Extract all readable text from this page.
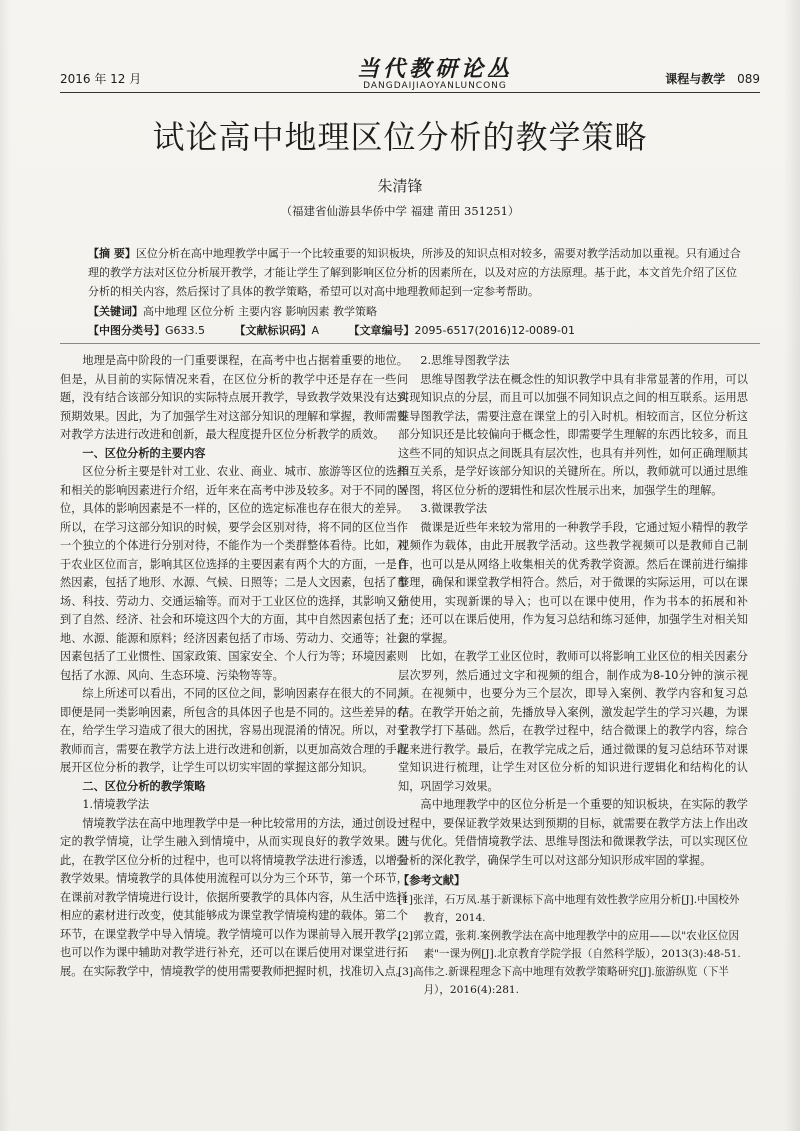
2016 年 12 月	当代教研论丛
DANGDAIJIAOYANLUNCONG	课程与教学 089
试论高中地理区位分析的教学策略
朱清锋
（福建省仙游县华侨中学 福建 莆田 351251）
【摘 要】区位分析在高中地理教学中属于一个比较重要的知识板块，所涉及的知识点相对较多，需要对教学活动加以重视。只有通过合理的教学方法对区位分析展开教学，才能让学生了解到影响区位分析的因素所在，以及对应的方法原理。基于此，本文首先介绍了区位分析的相关内容，然后探讨了具体的教学策略，希望可以对高中地理教师起到一定参考帮助。
【关键词】高中地理 区位分析 主要内容 影响因素 教学策略
【中图分类号】G633.5	【文献标识码】A	【文章编号】2095-6517(2016)12-0089-01

地理是高中阶段的一门重要课程，在高考中也占据着重要的地位。但是，从目前的实际情况来看，在区位分析的教学中还是存在一些问题，没有结合该部分知识的实际特点展开教学，导致教学效果没有达到预期效果。因此，为了加强学生对这部分知识的理解和掌握，教师需要对教学方法进行改进和创新，最大程度提升区位分析教学的质效。

一、区位分析的主要内容

区位分析主要是针对工业、农业、商业、城市、旅游等区位的选择和相关的影响因素进行介绍，近年来在高考中涉及较多。对于不同的区位，具体的影响因素是不一样的，区位的选定标准也存在很大的差异。所以，在学习这部分知识的时候，要学会区别对待，将不同的区位当作一个独立的个体进行分别对待，不能作为一个类群整体看待。比如，对于农业区位而言，影响其区位选择的主要因素有两个大的方面，一是自然因素，包括了地形、水源、气候、日照等；二是人文因素，包括了市场、科技、劳动力、交通运输等。而对于工业区位的选择，其影响又分到了自然、经济、社会和环境这四个大的方面，其中自然因素包括了土地、水源、能源和原料；经济因素包括了市场、劳动力、交通等；社会因素包括了工业惯性、国家政策、国家安全、个人行为等；环境因素则包括了水源、风向、生态环境、污染物等等。

综上所述可以看出，不同的区位之间，影响因素存在很大的不同，即便是同一类影响因素，所包含的具体因子也是不同的。这些差异的存在，给学生学习造成了很大的困扰，容易出现混淆的情况。所以，对于教师而言，需要在教学方法上进行改进和创新，以更加高效合理的手段展开区位分析的教学，让学生可以切实牢固的掌握这部分知识。

二、区位分析的教学策略
1.情境教学法

情境教学法在高中地理教学中是一种比较常用的方法，通过创设一定的教学情境，让学生融入到情境中，从而实现良好的教学效果。因此，在教学区位分析的过程中，也可以将情境教学法进行渗透，以增强教学效果。情境教学的具体使用流程可以分为三个环节，第一个环节，在课前对教学情境进行设计，依据所要教学的具体内容，从生活中选择相应的素材进行改变，使其能够成为课堂教学情境构建的载体。第二个环节，在课堂教学中导入情境。教学情境可以作为课前导入展开教学，也可以作为课中辅助对教学进行补充，还可以在课后使用对课堂进行拓展。在实际教学中，情境教学的使用需要教师把握时机，找准切入点。

2.思维导图教学法

思维导图教学法在概念性的知识教学中具有非常显著的作用，可以实现知识点的分层，而且可以加强不同知识点之间的相互联系。运用思维导图教学法，需要注意在课堂上的引入时机。相较而言，区位分析这部分知识还是比较偏向于概念性，即需要学生理解的东西比较多，而且这些不同的知识点之间既具有层次性，也具有并列性，如何正确理顺其相互关系，是学好该部分知识的关键所在。所以，教师就可以通过思维导图，将区位分析的逻辑性和层次性展示出来，加强学生的理解。

3.微课教学法

微课是近些年来较为常用的一种教学手段，它通过短小精悍的教学视频作为载体，由此开展教学活动。这些教学视频可以是教师自己制作，也可以是从网络上收集相关的优秀教学资源。然后在课前进行编排整理，确保和课堂教学相符合。然后，对于微课的实际运用，可以在课前使用，实现新课的导入；也可以在课中使用，作为书本的拓展和补充；还可以在课后使用，作为复习总结和练习延伸，加强学生对相关知识的掌握。

比如，在教学工业区位时，教师可以将影响工业区位的相关因素分层次罗列，然后通过文字和视频的组合，制作成为8-10分钟的演示视频。在视频中，也要分为三个层次，即导入案例、教学内容和复习总结。在教学开始之前，先播放导入案例，激发起学生的学习兴趣，为课堂教学打下基础。然后，在教学过程中，结合微课上的教学内容，综合起来进行教学。最后，在教学完成之后，通过微课的复习总结环节对课堂知识进行梳理，让学生对区位分析的知识进行逻辑化和结构化的认知，巩固学习效果。

高中地理教学中的区位分析是一个重要的知识板块，在实际的教学过程中，要保证教学效果达到预期的目标，就需要在教学方法上作出改进与优化。凭借情境教学法、思维导图法和微课教学法，可以实现区位分析的深化教学，确保学生可以对这部分知识形成牢固的掌握。

【参考文献】
[1]张洋，石万凤.基于新课标下高中地理有效性教学应用分析[J].中国校外教育，2014.
[2]郭立霞，张莉.案例教学法在高中地理教学中的应用——以"农业区位因素"一课为例[J].北京教育学院学报（自然科学版），2013(3):48-51.
[3]高伟之.新课程理念下高中地理有效教学策略研究[J].旅游纵览（下半月），2016(4):281.
